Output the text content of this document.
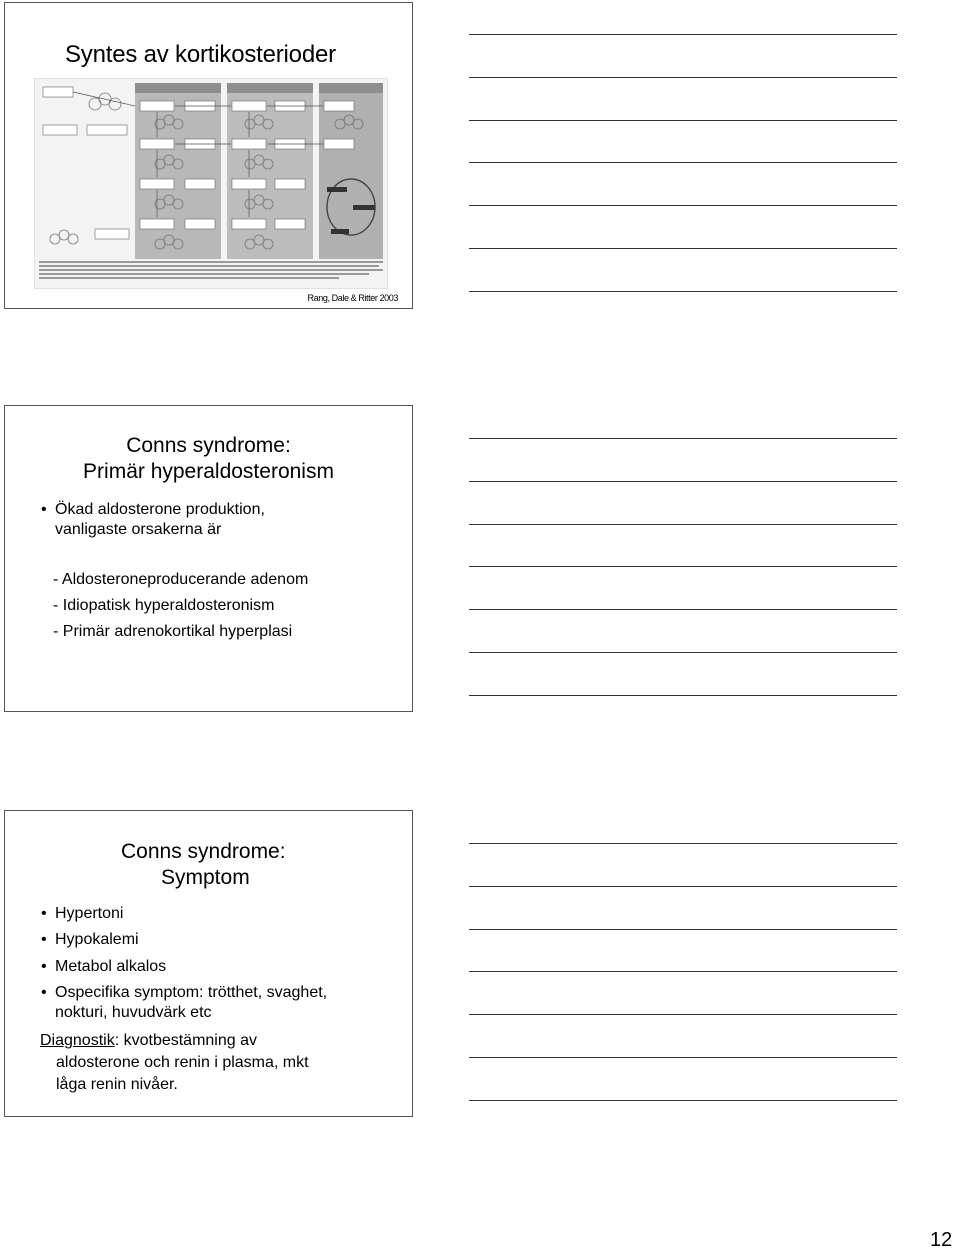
Syntes av kortikosterioder
Rang, Dale & Ritter 2003
Conns syndrome:
Primär hyperaldosteronism
• Ökad aldosterone produktion,
vanligaste orsakerna är
- Aldosteroneproducerande adenom
- Idiopatisk hyperaldosteronism
- Primär adrenokortikal hyperplasi
Conns syndrome:
Symptom
• Hypertoni
• Hypokalemi
• Metabol alkalos
• Ospecifika symptom: trötthet, svaghet,
nokturi, huvudvärk etc
Diagnostik: kvotbestämning av
aldosterone och renin i plasma, mkt
låga renin nivåer.
12
